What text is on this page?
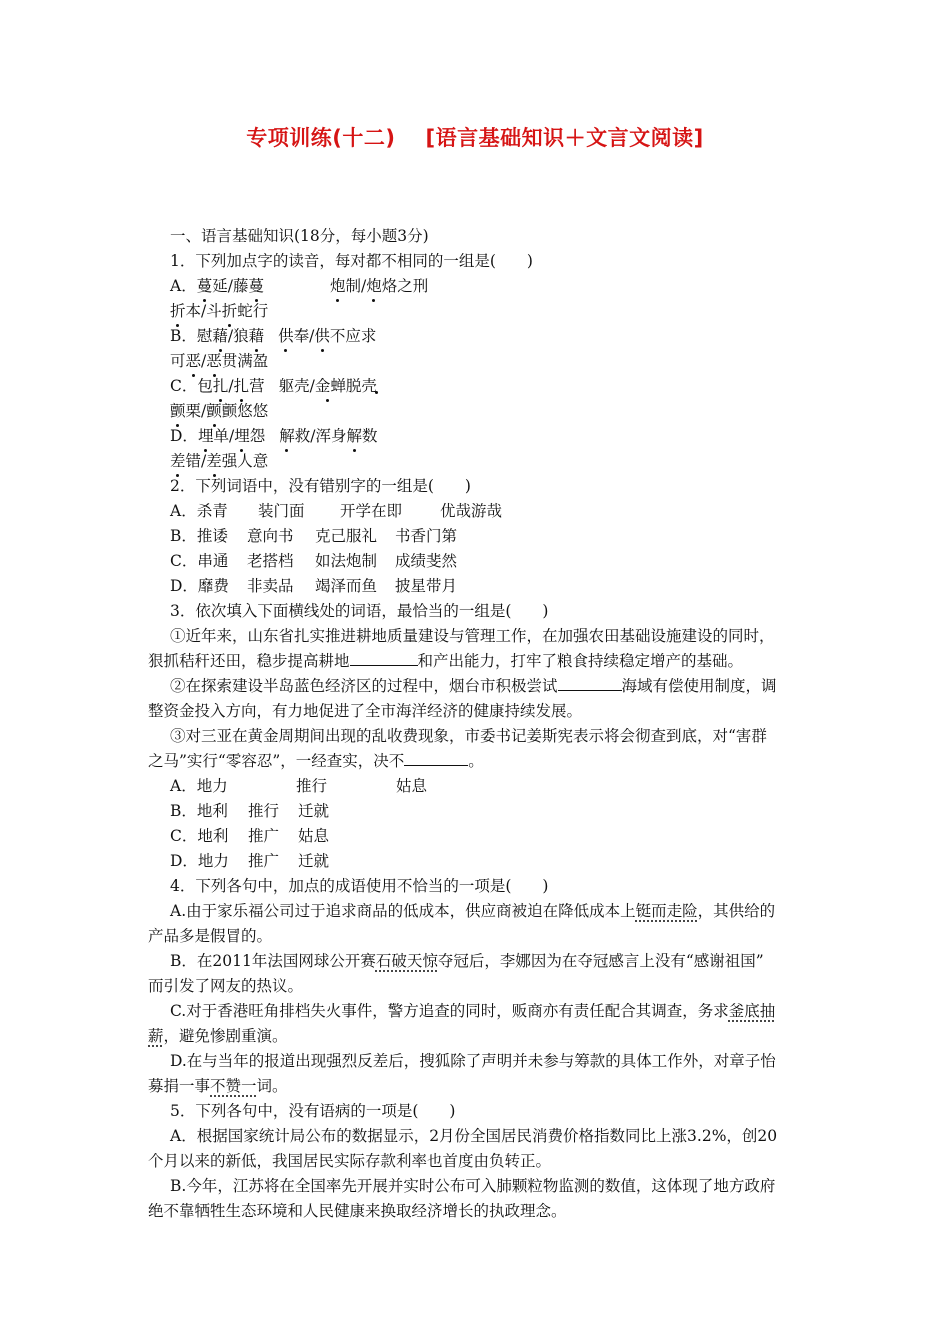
专项训练(十二) [语言基础知识＋文言文阅读]
一、语言基础知识(18分，每小题3分)
1．下列加点字的读音，每对都不相同的一组是(　　)
A．蔓延/藤蔓	炮制/炮烙之刑
折本/斗折蛇行
B．慰藉/狼藉 供奉/供不应求
可恶/恶贯满盈
C．包扎/扎营 躯壳/金蝉脱壳
颤栗/颤颤悠悠
D．埋单/埋怨 解救/浑身解数
差错/差强人意
2．下列词语中，没有错别字的一组是(　　)
A．杀青 装门面 开学在即 优哉游哉
B．推诿 意向书 克己服礼 书香门第
C．串通 老搭档 如法炮制 成绩斐然
D．靡费 非卖品 竭泽而鱼 披星带月
3．依次填入下面横线处的词语，最恰当的一组是(　　)
①近年来，山东省扎实推进耕地质量建设与管理工作，在加强农田基础设施建设的同时，
狠抓秸秆还田，稳步提高耕地	和产出能力，打牢了粮食持续稳定增产的基础。
②在探索建设半岛蓝色经济区的过程中，烟台市积极尝试	海域有偿使用制度，调
整资金投入方向，有力地促进了全市海洋经济的健康持续发展。
③对三亚在黄金周期间出现的乱收费现象，市委书记姜斯宪表示将会彻查到底，对“害群
之马”实行“零容忍”，一经查实，决不	。
A．地力	推行	姑息
B．地利 推行 迁就
C．地利 推广 姑息
D．地力 推广 迁就
4．下列各句中，加点的成语使用不恰当的一项是(　　)
A.由于家乐福公司过于追求商品的低成本，供应商被迫在降低成本上铤而走险，其供给的
产品多是假冒的。
B．在2011年法国网球公开赛石破天惊夺冠后，李娜因为在夺冠感言上没有“感谢祖国”
而引发了网友的热议。
C.对于香港旺角排档失火事件，警方追查的同时，贩商亦有责任配合其调查，务求釜底抽
薪，避免惨剧重演。
D.在与当年的报道出现强烈反差后，搜狐除了声明并未参与筹款的具体工作外，对章子怡
募捐一事不赞一词。
5．下列各句中，没有语病的一项是(　　)
A．根据国家统计局公布的数据显示，2月份全国居民消费价格指数同比上涨3.2%，创20
个月以来的新低，我国居民实际存款利率也首度由负转正。
B.今年，江苏将在全国率先开展并实时公布可入肺颗粒物监测的数值，这体现了地方政府
绝不靠牺牲生态环境和人民健康来换取经济增长的执政理念。
